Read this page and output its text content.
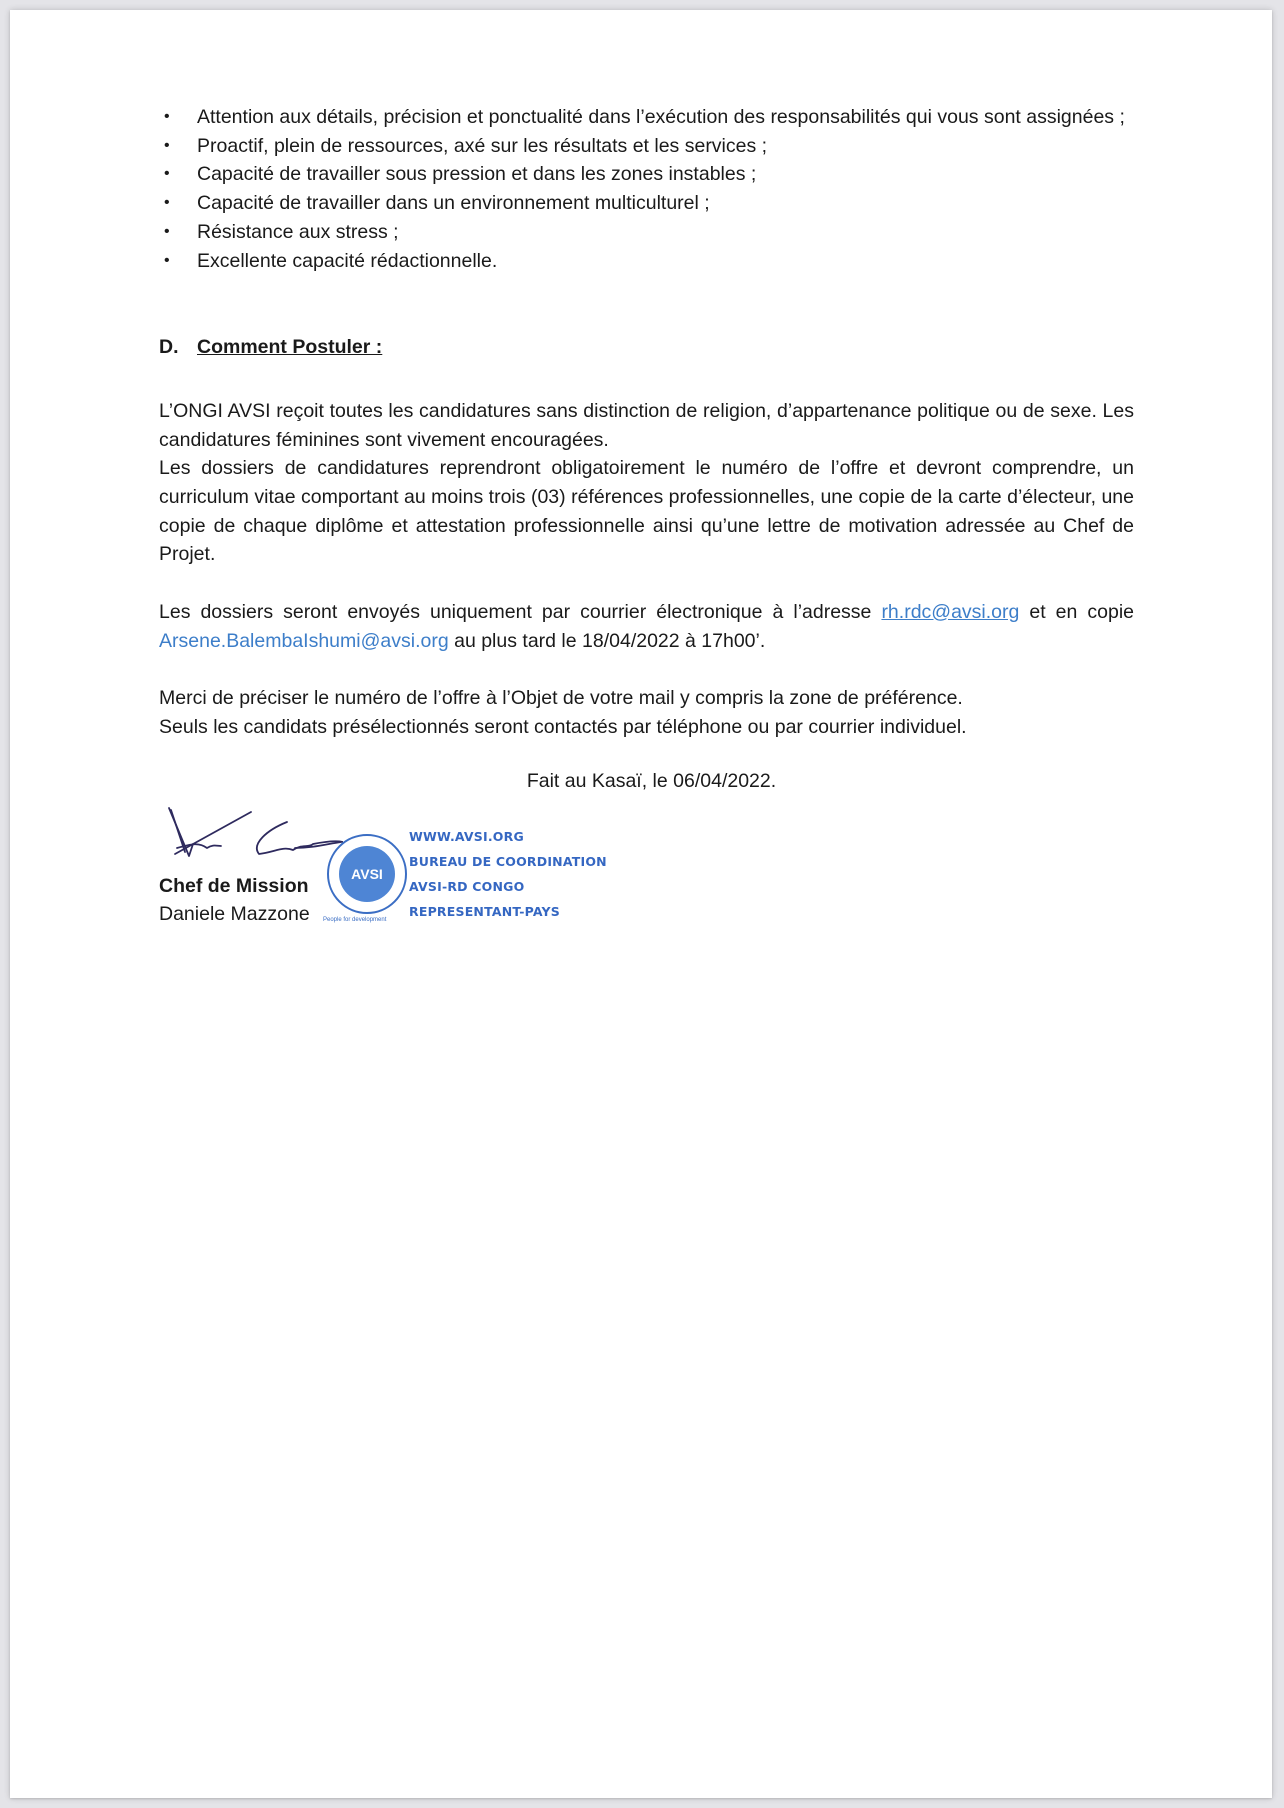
• Attention aux détails, précision et ponctualité dans l’exécution des responsabilités qui vous sont assignées ;
• Proactif, plein de ressources, axé sur les résultats et les services ;
• Capacité de travailler sous pression et dans les zones instables ;
• Capacité de travailler dans un environnement multiculturel ;
• Résistance aux stress ;
• Excellente capacité rédactionnelle.
D. Comment Postuler :

L’ONGI AVSI reçoit toutes les candidatures sans distinction de religion, d’appartenance politique ou de sexe. Les candidatures féminines sont vivement encouragées.
Les dossiers de candidatures reprendront obligatoirement le numéro de l’offre et devront comprendre, un curriculum vitae comportant au moins trois (03) références professionnelles, une copie de la carte d’électeur, une copie de chaque diplôme et attestation professionnelle ainsi qu’une lettre de motivation adressée au Chef de Projet.

Les dossiers seront envoyés uniquement par courrier électronique à l’adresse rh.rdc@avsi.org et en copie Arsene.BalembaIshumi@avsi.org au plus tard le 18/04/2022 à 17h00’.

Merci de préciser le numéro de l’offre à l’Objet de votre mail y compris la zone de préférence.
Seuls les candidats présélectionnés seront contactés par téléphone ou par courrier individuel.

Fait au Kasaï, le 06/04/2022.

Chef de Mission
Daniele Mazzone
AVSI
People for development
WWW.AVSI.ORG
BUREAU DE COORDINATION
AVSI-RD CONGO
REPRESENTANT-PAYS
